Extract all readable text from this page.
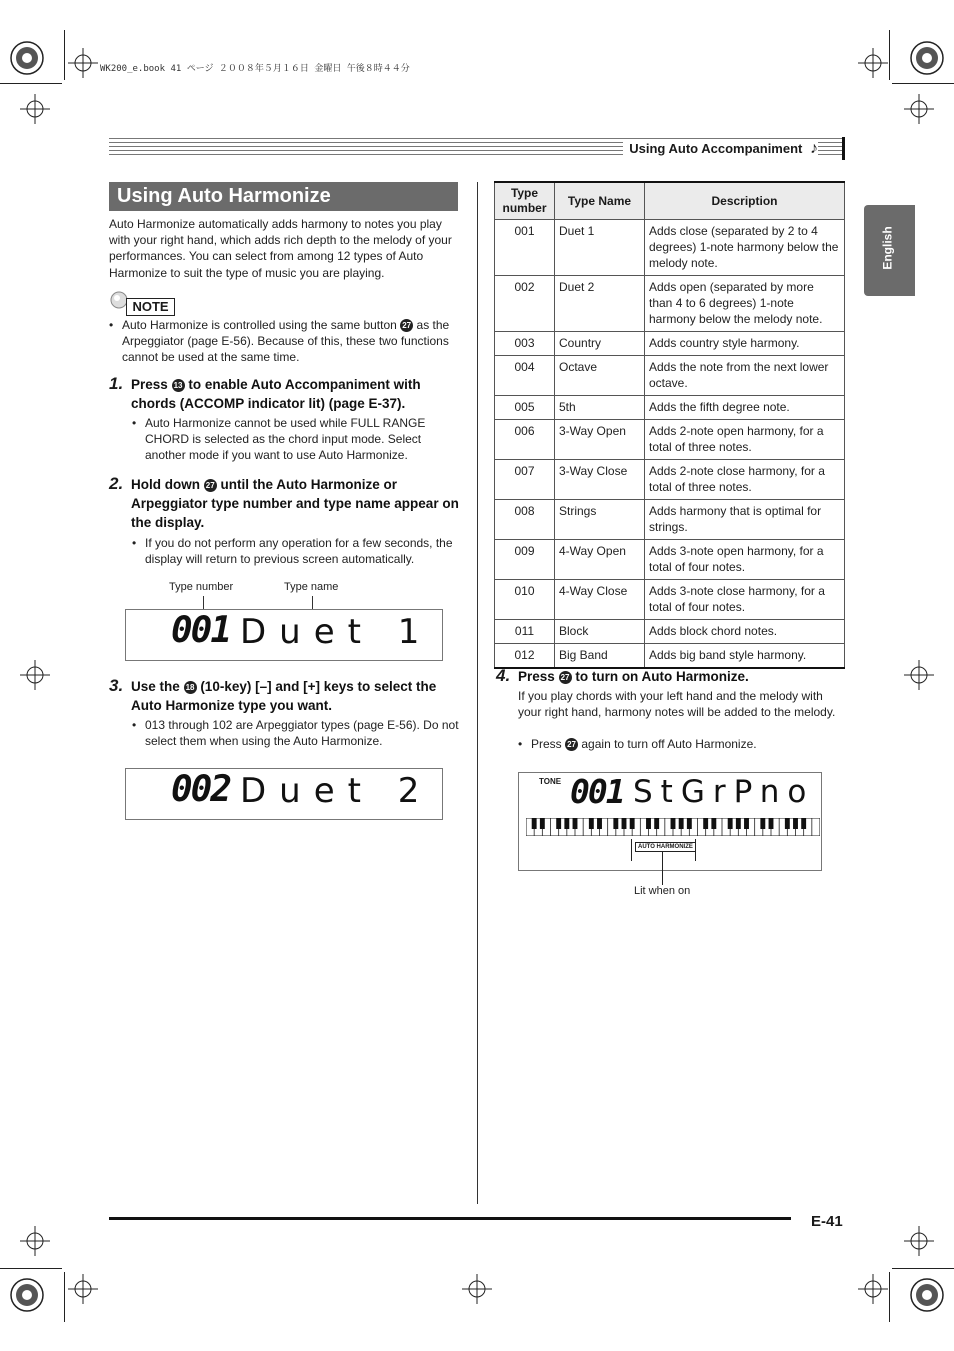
WK200_e.book 41 ページ ２００８年５月１６日 金曜日 午後８時４４分
Using Auto Accompaniment ♪
English
Using Auto Harmonize
Auto Harmonize automatically adds harmony to notes you play with your right hand, which adds rich depth to the melody of your performances. You can select from among 12 types of Auto Harmonize to suit the type of music you are playing.
NOTE
• Auto Harmonize is controlled using the same button 27 as the Arpeggiator (page E-56). Because of this, these two functions cannot be used at the same time.
1. Press 13 to enable Auto Accompaniment with chords (ACCOMP indicator lit) (page E-37).
• Auto Harmonize cannot be used while FULL RANGE CHORD is selected as the chord input mode. Select another mode if you want to use Auto Harmonize.
2. Hold down 27 until the Auto Harmonize or Arpeggiator type number and type name appear on the display.
• If you do not perform any operation for a few seconds, the display will return to previous screen automatically.
Type number	Type name
001 Duet 1
3. Use the 18 (10-key) [–] and [+] keys to select the Auto Harmonize type you want.
• 013 through 102 are Arpeggiator types (page E-56). Do not select them when using the Auto Harmonize.
002 Duet 2
Type number	Type Name	Description
001	Duet 1	Adds close (separated by 2 to 4 degrees) 1-note harmony below the melody note.
002	Duet 2	Adds open (separated by more than 4 to 6 degrees) 1-note harmony below the melody note.
003	Country	Adds country style harmony.
004	Octave	Adds the note from the next lower octave.
005	5th	Adds the fifth degree note.
006	3-Way Open	Adds 2-note open harmony, for a total of three notes.
007	3-Way Close	Adds 2-note close harmony, for a total of three notes.
008	Strings	Adds harmony that is optimal for strings.
009	4-Way Open	Adds 3-note open harmony, for a total of four notes.
010	4-Way Close	Adds 3-note close harmony, for a total of four notes.
011	Block	Adds block chord notes.
012	Big Band	Adds big band style harmony.
4. Press 27 to turn on Auto Harmonize.
If you play chords with your left hand and the melody with your right hand, harmony notes will be added to the melody.
• Press 27 again to turn off Auto Harmonize.
TONE 001 StGrPno
AUTO HARMONIZE
Lit when on
E-41
